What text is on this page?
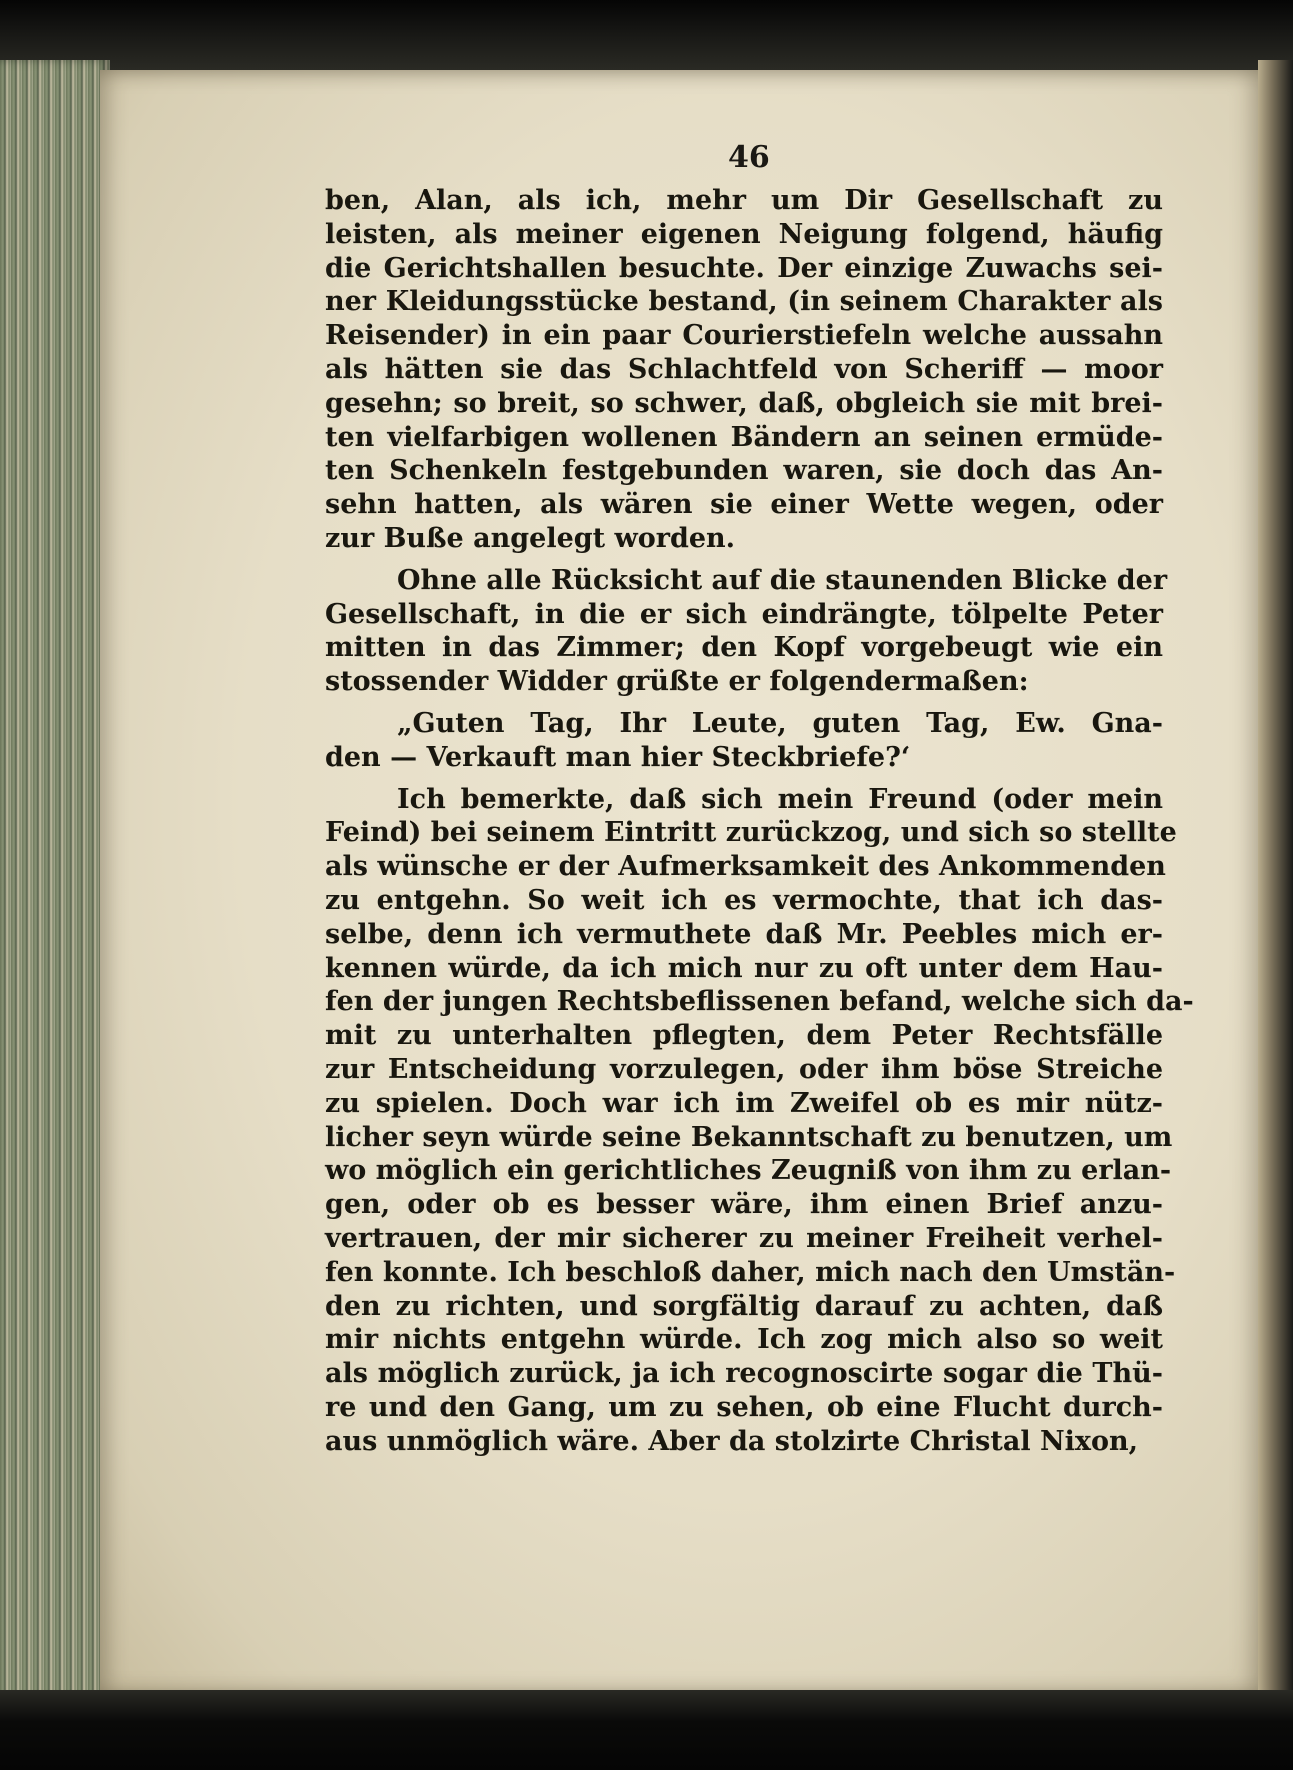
46

ben, Alan, als ich, mehr um Dir Gesellschaft zu
leisten, als meiner eigenen Neigung folgend, häufig
die Gerichtshallen besuchte. Der einzige Zuwachs sei-
ner Kleidungsstücke bestand, (in seinem Charakter als
Reisender) in ein paar Courierstiefeln welche aussahn
als hätten sie das Schlachtfeld von Scheriff — moor
gesehn; so breit, so schwer, daß, obgleich sie mit brei-
ten vielfarbigen wollenen Bändern an seinen ermüde-
ten Schenkeln festgebunden waren, sie doch das An-
sehn hatten, als wären sie einer Wette wegen, oder
zur Buße angelegt worden.

Ohne alle Rücksicht auf die staunenden Blicke der
Gesellschaft, in die er sich eindrängte, tölpelte Peter
mitten in das Zimmer; den Kopf vorgebeugt wie ein
stossender Widder grüßte er folgendermaßen:

„Guten Tag, Ihr Leute, guten Tag, Ew. Gna-
den — Verkauft man hier Steckbriefe?‘

Ich bemerkte, daß sich mein Freund (oder mein
Feind) bei seinem Eintritt zurückzog, und sich so stellte
als wünsche er der Aufmerksamkeit des Ankommenden
zu entgehn. So weit ich es vermochte, that ich das-
selbe, denn ich vermuthete daß Mr. Peebles mich er-
kennen würde, da ich mich nur zu oft unter dem Hau-
fen der jungen Rechtsbeflissenen befand, welche sich da-
mit zu unterhalten pflegten, dem Peter Rechtsfälle
zur Entscheidung vorzulegen, oder ihm böse Streiche
zu spielen. Doch war ich im Zweifel ob es mir nütz-
licher seyn würde seine Bekanntschaft zu benutzen, um
wo möglich ein gerichtliches Zeugniß von ihm zu erlan-
gen, oder ob es besser wäre, ihm einen Brief anzu-
vertrauen, der mir sicherer zu meiner Freiheit verhel-
fen konnte. Ich beschloß daher, mich nach den Umstän-
den zu richten, und sorgfältig darauf zu achten, daß
mir nichts entgehn würde. Ich zog mich also so weit
als möglich zurück, ja ich recognoscirte sogar die Thü-
re und den Gang, um zu sehen, ob eine Flucht durch-
aus unmöglich wäre. Aber da stolzirte Christal Nixon,
